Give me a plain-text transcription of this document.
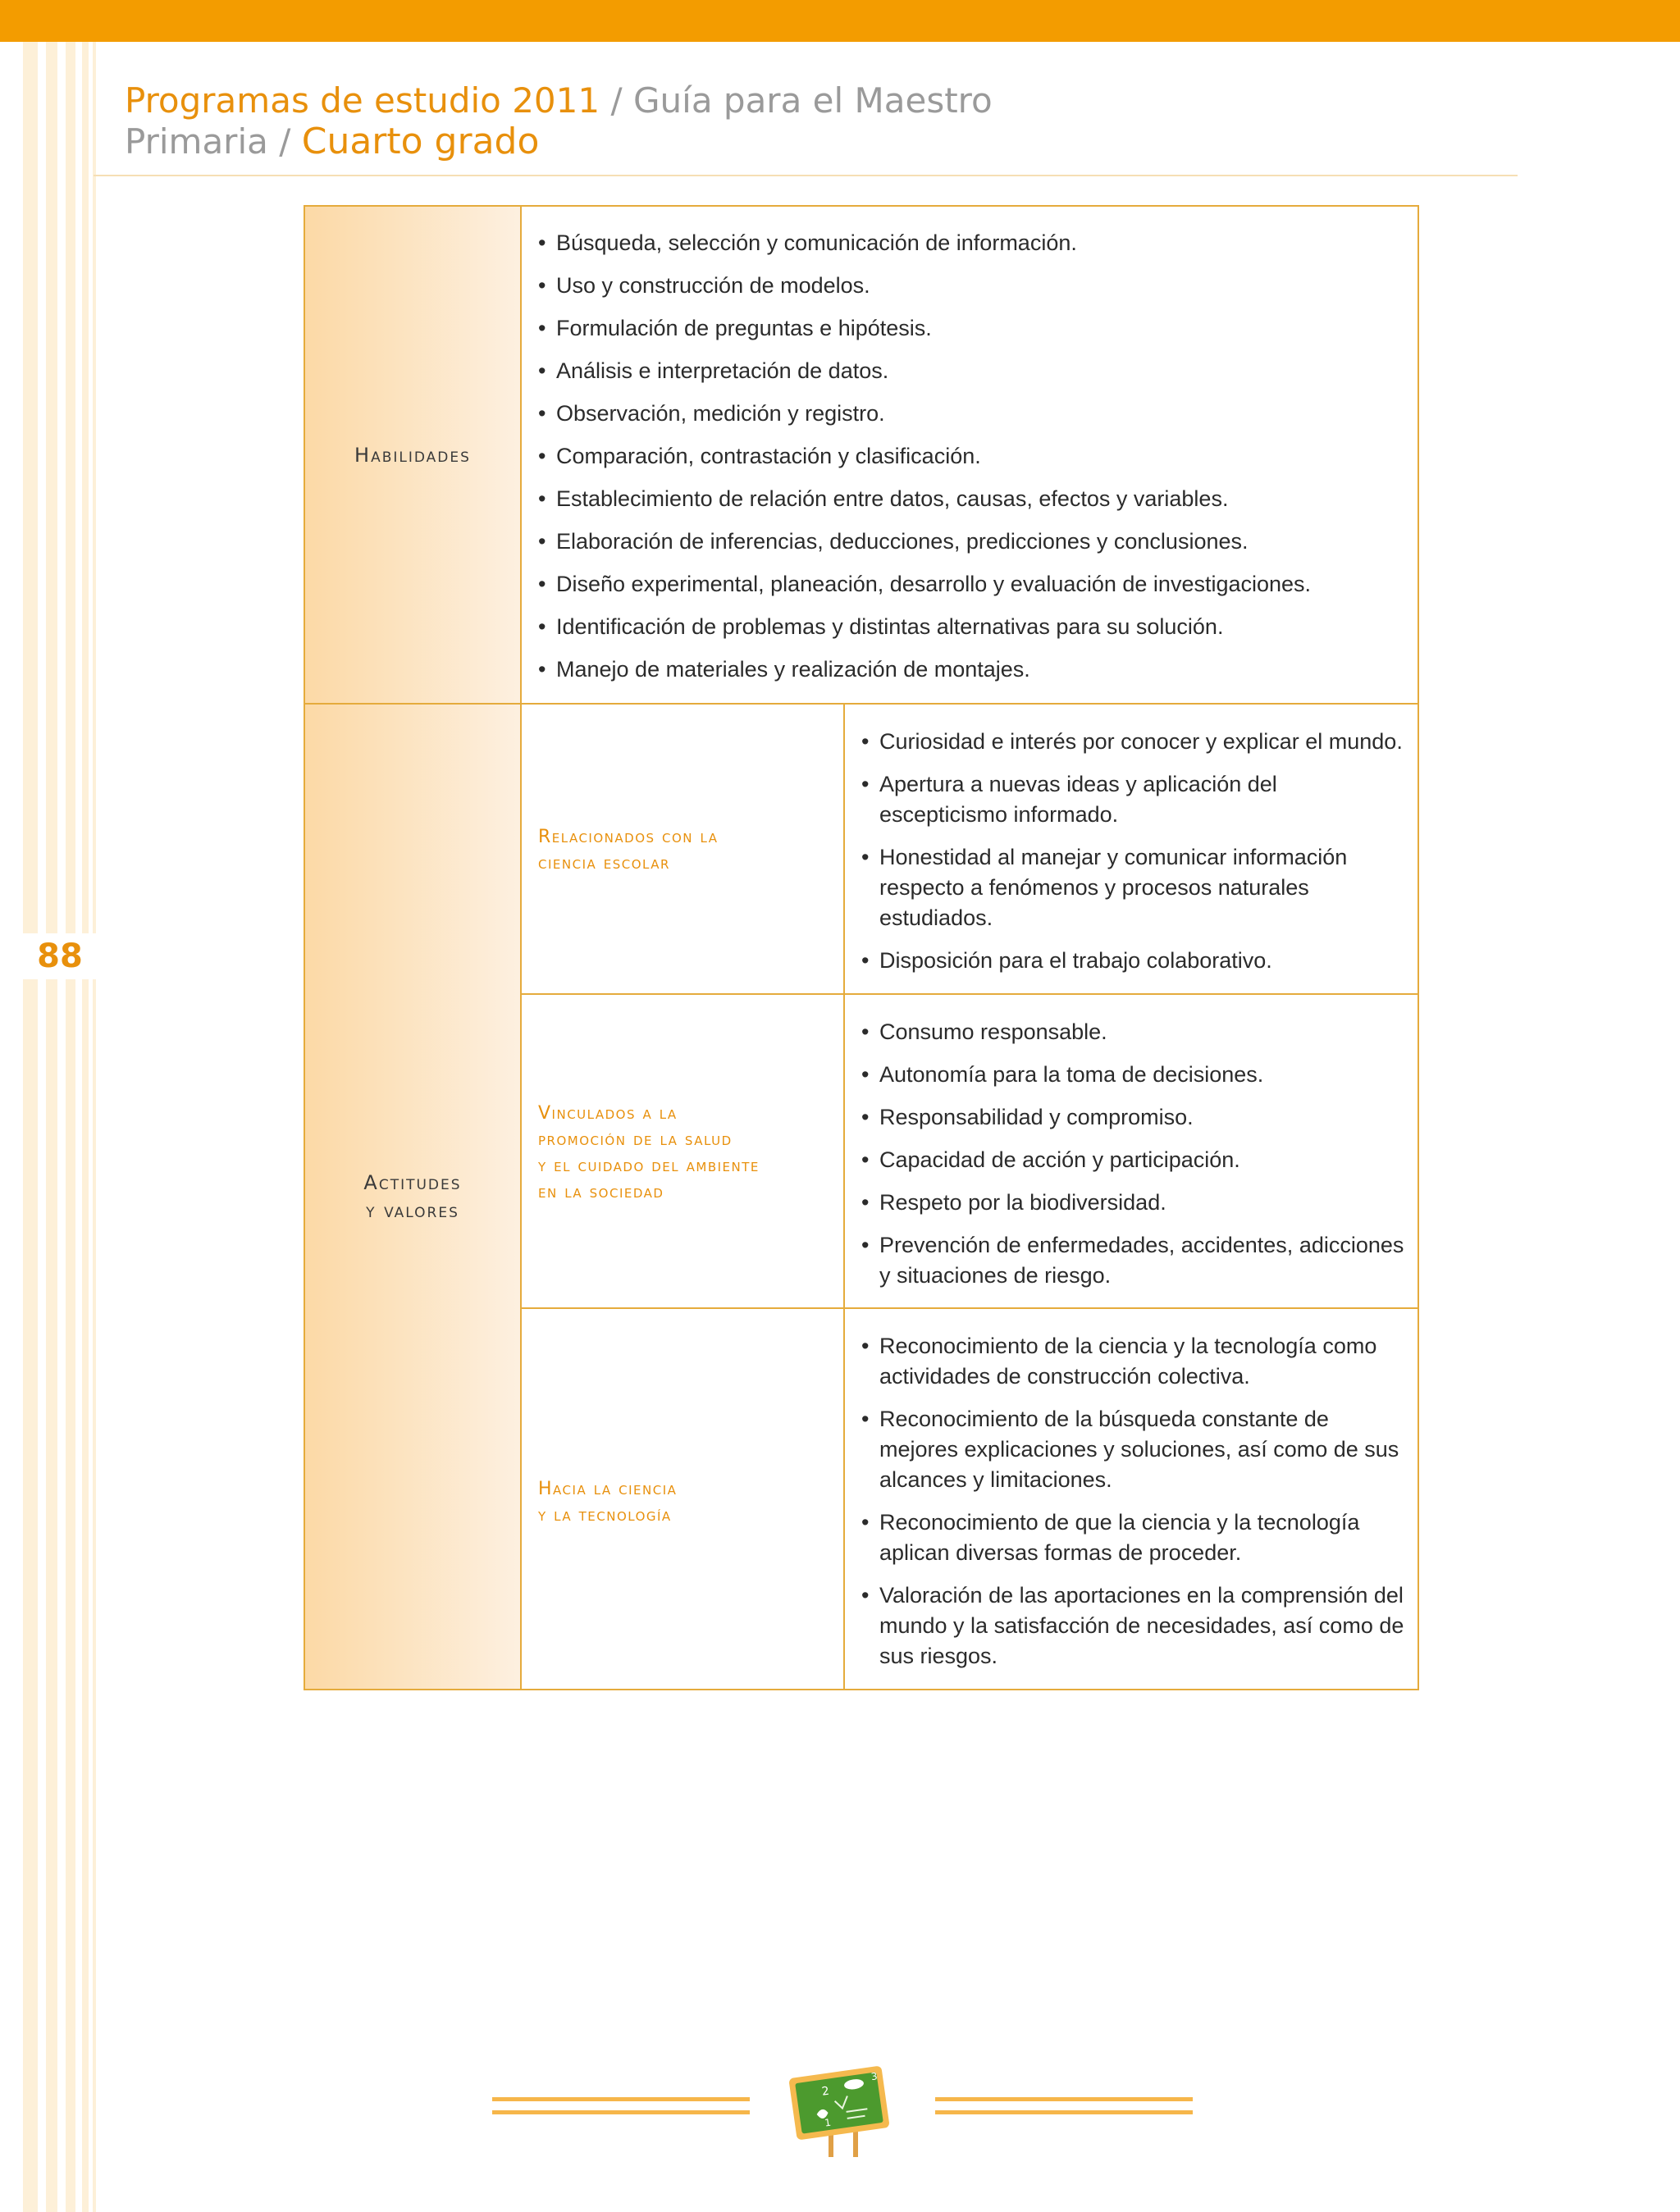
88
Programas de estudio 2011 / Guía para el Maestro
Primaria / Cuarto grado
Habilidades
• Búsqueda, selección y comunicación de información.
• Uso y construcción de modelos.
• Formulación de preguntas e hipótesis.
• Análisis e interpretación de datos.
• Observación, medición y registro.
• Comparación, contrastación y clasificación.
• Establecimiento de relación entre datos, causas, efectos y variables.
• Elaboración de inferencias, deducciones, predicciones y conclusiones.
• Diseño experimental, planeación, desarrollo y evaluación de investigaciones.
• Identificación de problemas y distintas alternativas para su solución.
• Manejo de materiales y realización de montajes.
Actitudes
y valores
Relacionados con la
ciencia escolar
• Curiosidad e interés por conocer y explicar el mundo.
• Apertura a nuevas ideas y aplicación del escepticismo informado.
• Honestidad al manejar y comunicar información respecto a fenómenos y procesos naturales estudiados.
• Disposición para el trabajo colaborativo.
Vinculados a la
promoción de la salud
y el cuidado del ambiente
en la sociedad
• Consumo responsable.
• Autonomía para la toma de decisiones.
• Responsabilidad y compromiso.
• Capacidad de acción y participación.
• Respeto por la biodiversidad.
• Prevención de enfermedades, accidentes, adicciones y situaciones de riesgo.
Hacia la ciencia
y la tecnología
• Reconocimiento de la ciencia y la tecnología como actividades de construcción colectiva.
• Reconocimiento de la búsqueda constante de mejores explicaciones y soluciones, así como de sus alcances y limitaciones.
• Reconocimiento de que la ciencia y la tecnología aplican diversas formas de proceder.
• Valoración de las aportaciones en la comprensión del mundo y la satisfacción de necesidades, así como de sus riesgos.
2
3
1
